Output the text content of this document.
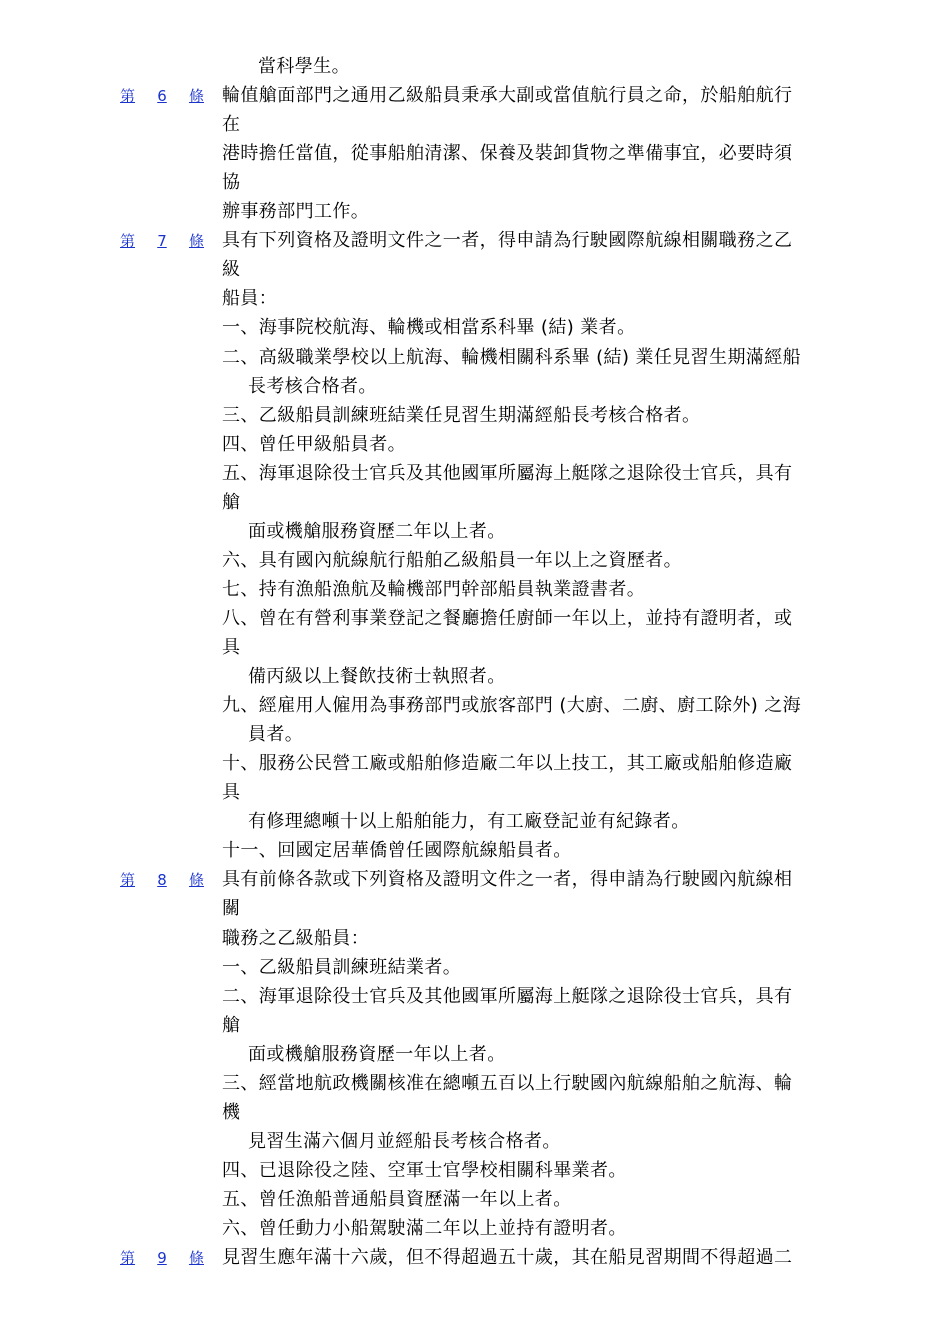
當科學生。
第 6 條 輪值艙面部門之通用乙級船員秉承大副或當值航行員之命，於船舶航行
在
港時擔任當值，從事船舶清潔、保養及裝卸貨物之準備事宜，必要時須
協
辦事務部門工作。
第 7 條 具有下列資格及證明文件之一者，得申請為行駛國際航線相關職務之乙
級
船員：
一、海事院校航海、輪機或相當系科畢 (結) 業者。
二、高級職業學校以上航海、輪機相關科系畢 (結) 業任見習生期滿經船
長考核合格者。
三、乙級船員訓練班結業任見習生期滿經船長考核合格者。
四、曾任甲級船員者。
五、海軍退除役士官兵及其他國軍所屬海上艇隊之退除役士官兵，具有
艙
面或機艙服務資歷二年以上者。
六、具有國內航線航行船舶乙級船員一年以上之資歷者。
七、持有漁船漁航及輪機部門幹部船員執業證書者。
八、曾在有營利事業登記之餐廳擔任廚師一年以上，並持有證明者，或
具
備丙級以上餐飲技術士執照者。
九、經雇用人僱用為事務部門或旅客部門 (大廚、二廚、廚工除外) 之海
員者。
十、服務公民營工廠或船舶修造廠二年以上技工，其工廠或船舶修造廠
具
有修理總噸十以上船舶能力，有工廠登記並有紀錄者。
十一、回國定居華僑曾任國際航線船員者。
第 8 條 具有前條各款或下列資格及證明文件之一者，得申請為行駛國內航線相
關
職務之乙級船員：
一、乙級船員訓練班結業者。
二、海軍退除役士官兵及其他國軍所屬海上艇隊之退除役士官兵，具有
艙
面或機艙服務資歷一年以上者。
三、經當地航政機關核准在總噸五百以上行駛國內航線船舶之航海、輪
機
見習生滿六個月並經船長考核合格者。
四、已退除役之陸、空軍士官學校相關科畢業者。
五、曾任漁船普通船員資歷滿一年以上者。
六、曾任動力小船駕駛滿二年以上並持有證明者。
第 9 條 見習生應年滿十六歲，但不得超過五十歲，其在船見習期間不得超過二
